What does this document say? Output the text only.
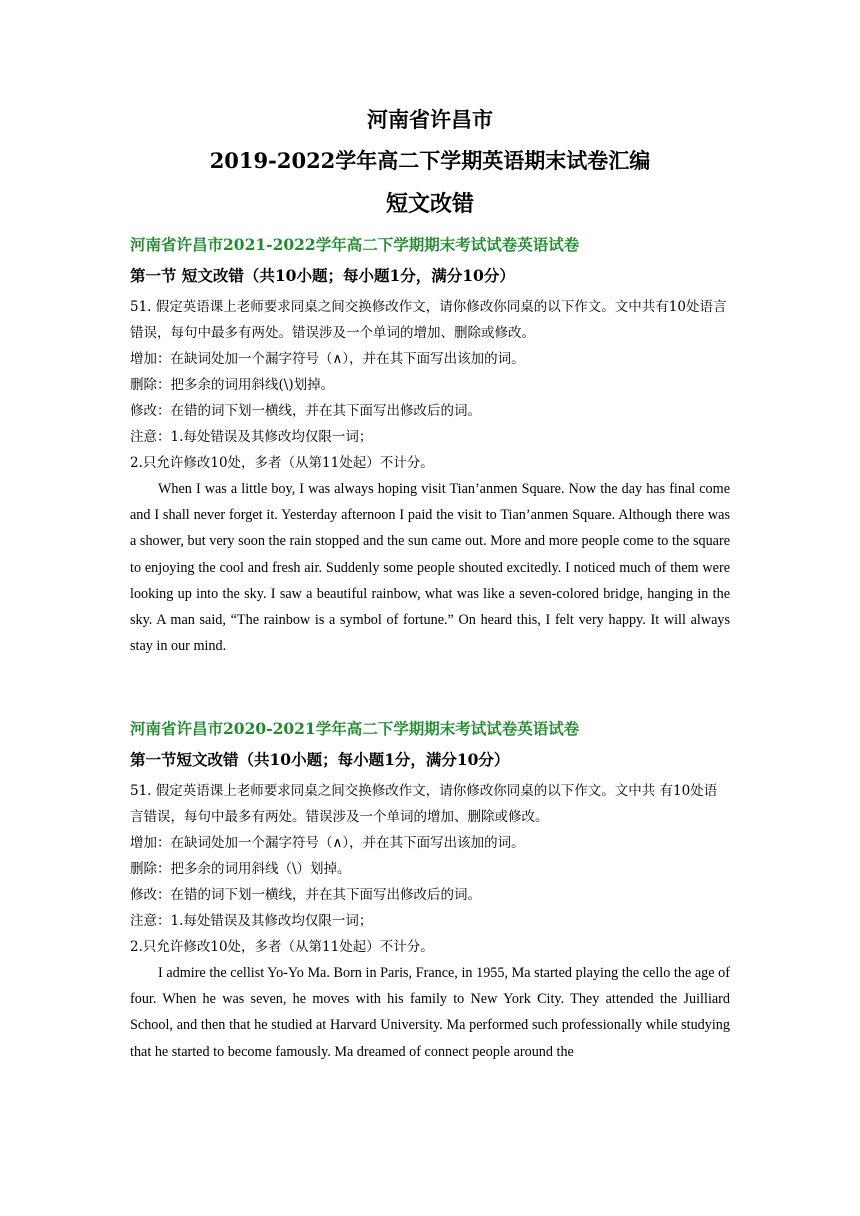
河南省许昌市

2019-2022学年高二下学期英语期末试卷汇编

短文改错

河南省许昌市2021-2022学年高二下学期期末考试试卷英语试卷

第一节 短文改错（共10小题；每小题1分，满分10分）

51. 假定英语课上老师要求同桌之间交换修改作文，请你修改你同桌的以下作文。文中共有10处语言错误，每句中最多有两处。错误涉及一个单词的增加、删除或修改。

增加：在缺词处加一个漏字符号（∧），并在其下面写出该加的词。

删除：把多余的词用斜线(\)划掉。

修改：在错的词下划一横线，并在其下面写出修改后的词。

注意：1.每处错误及其修改均仅限一词；

2.只允许修改10处，多者（从第11处起）不计分。

When I was a little boy, I was always hoping visit Tian’anmen Square. Now the day has final come and I shall never forget it. Yesterday afternoon I paid the visit to Tian’anmen Square. Although there was a shower, but very soon the rain stopped and the sun came out. More and more people come to the square to enjoying the cool and fresh air. Suddenly some people shouted excitedly. I noticed much of them were looking up into the sky. I saw a beautiful rainbow, what was like a seven-colored bridge, hanging in the sky. A man said, “The rainbow is a symbol of fortune.” On heard this, I felt very happy. It will always stay in our mind.

河南省许昌市2020-2021学年高二下学期期末考试试卷英语试卷

第一节短文改错（共10小题；每小题1分，满分10分）

51. 假定英语课上老师要求同桌之间交换修改作文，请你修改你同桌的以下作文。文中共 有10处语言错误，每句中最多有两处。错误涉及一个单词的增加、删除或修改。

增加：在缺词处加一个漏字符号（∧），并在其下面写出该加的词。

删除：把多余的词用斜线（\）划掉。

修改：在错的词下划一横线，并在其下面写出修改后的词。

注意：1.每处错误及其修改均仅限一词；

2.只允许修改10处，多者（从第11处起）不计分。

I admire the cellist Yo-Yo Ma. Born in Paris, France, in 1955, Ma started playing the cello the age of four. When he was seven, he moves with his family to New York City. They attended the Juilliard School, and then that he studied at Harvard University. Ma performed such professionally while studying that he started to become famously. Ma dreamed of connect people around the
